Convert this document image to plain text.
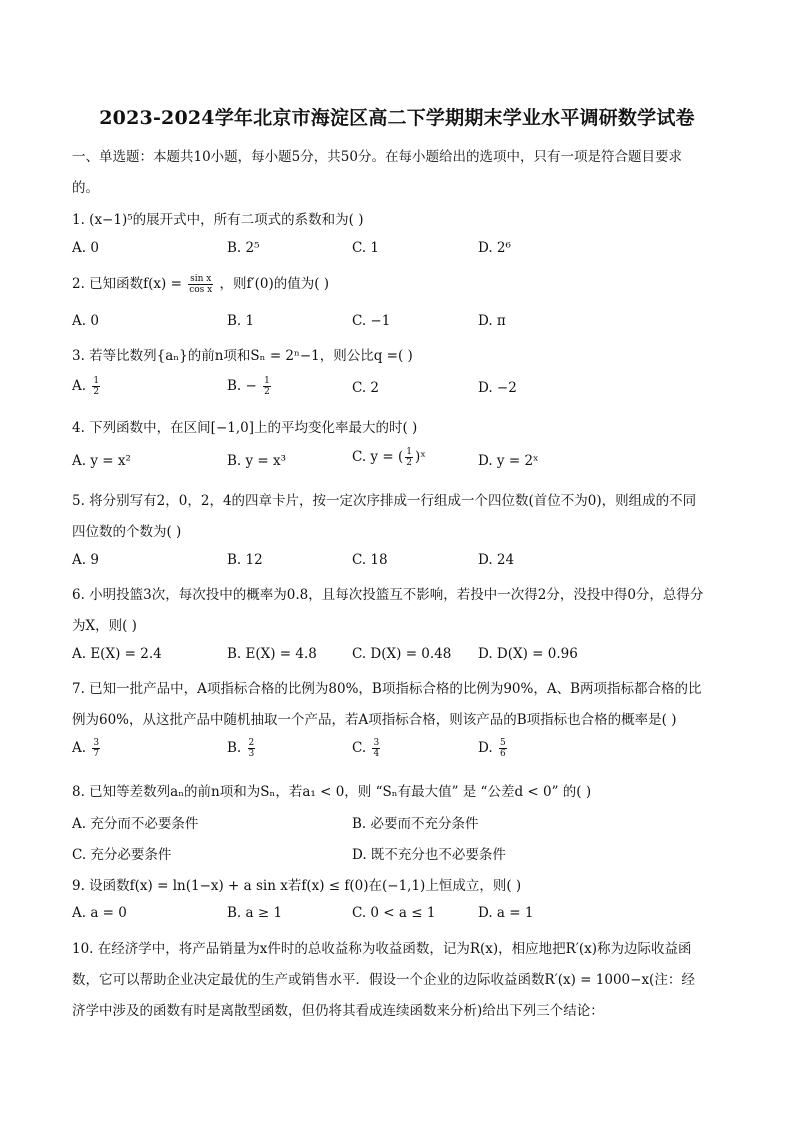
2023-2024学年北京市海淀区高二下学期期末学业水平调研数学试卷
一、单选题：本题共10小题，每小题5分，共50分。在每小题给出的选项中，只有一项是符合题目要求
的。
1. (x−1)⁵的展开式中，所有二项式的系数和为( )
A. 0	B. 2⁵	C. 1	D. 2⁶
2. 已知函数$f(x) = \frac{\text{sin x}}{\text{cos x}}$ ，则f′(0)的值为( )
A. 0	B. 1	C. −1	D. π
3. 若等比数列{aₙ}的前n项和Sₙ = 2ⁿ−1，则公比q =( )
A. $\frac{1}{2}$	B. − $\frac{1}{2}$	C. 2	D. −2
4. 下列函数中，在区间[−1,0]上的平均变化率最大的时( )
A. y = x²	B. y = x³	C. y = ( $\frac{1}{2}$ )ˣ	D. y = 2ˣ
5. 将分别写有2，0，2，4的四章卡片，按一定次序排成一行组成一个四位数(首位不为0)，则组成的不同
四位数的个数为( )
A. 9	B. 12	C. 18	D. 24
6. 小明投篮3次，每次投中的概率为0.8，且每次投篮互不影响，若投中一次得2分，没投中得0分，总得分
为X，则( )
A. E(X) = 2.4	B. E(X) = 4.8	C. D(X) = 0.48 D. D(X) = 0.96
7. 已知一批产品中，A项指标合格的比例为80%，B项指标合格的比例为90%，A、B两项指标都合格的比
例为60%，从这批产品中随机抽取一个产品，若A项指标合格，则该产品的B项指标也合格的概率是( )
A. $\frac{3}{7}$	B. $\frac{2}{3}$	C. $\frac{3}{4}$	D. $\frac{5}{6}$
8. 已知等差数列aₙ的前n项和为Sₙ，若a₁ < 0，则 “Sₙ有最大值” 是 “公差d < 0” 的( )
A. 充分而不必要条件	B. 必要而不充分条件
C. 充分必要条件	D. 既不充分也不必要条件
9. 设函数f(x) = ln(1−x) + a sin x若f(x) ≤ f(0)在(−1,1)上恒成立，则( )
A. a = 0	B. a ≥ 1	C. 0 < a ≤ 1	D. a = 1
10. 在经济学中，将产品销量为x件时的总收益称为收益函数，记为R(x)，相应地把R′(x)称为边际收益函
数，它可以帮助企业决定最优的生产或销售水平．假设一个企业的边际收益函数R′(x) = 1000−x(注：经
济学中涉及的函数有时是离散型函数，但仍将其看成连续函数来分析)给出下列三个结论：
